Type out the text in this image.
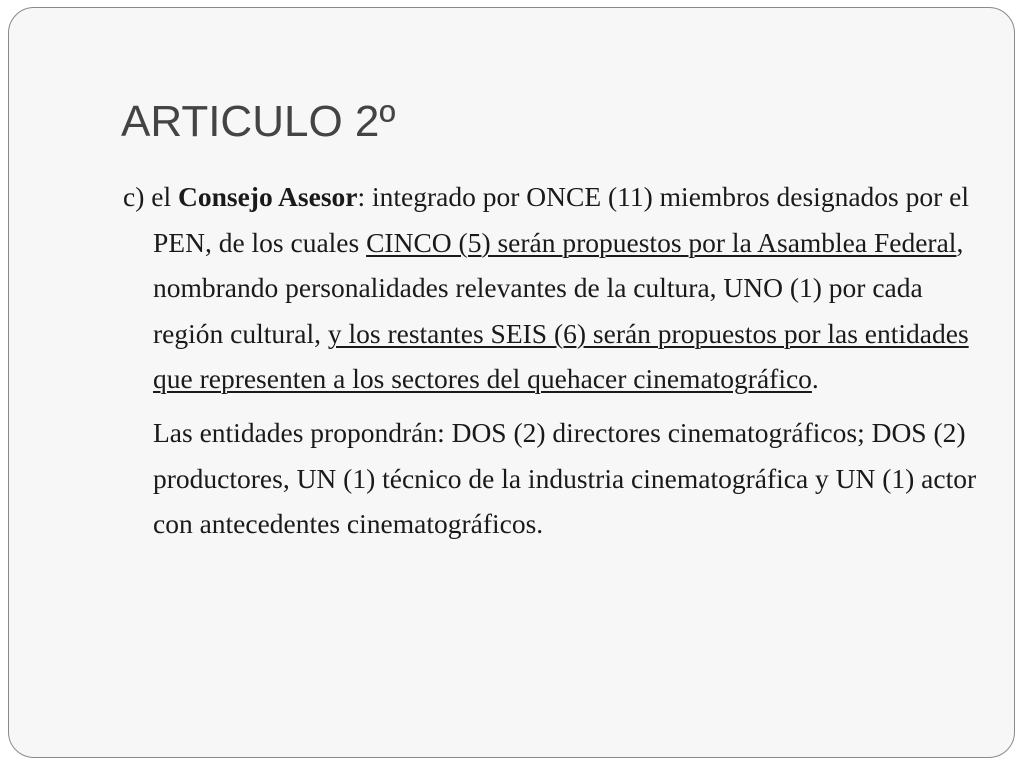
ARTICULO 2º

c) el Consejo Asesor: integrado por ONCE (11) miembros designados por el PEN, de los cuales CINCO (5) serán propuestos por la Asamblea Federal, nombrando personalidades relevantes de la cultura, UNO (1) por cada región cultural, y los restantes SEIS (6) serán propuestos por las entidades que representen a los sectores del quehacer cinematográfico.

Las entidades propondrán: DOS (2) directores cinematográficos; DOS (2) productores, UN (1) técnico de la industria cinematográfica y UN (1) actor con antecedentes cinematográficos.
